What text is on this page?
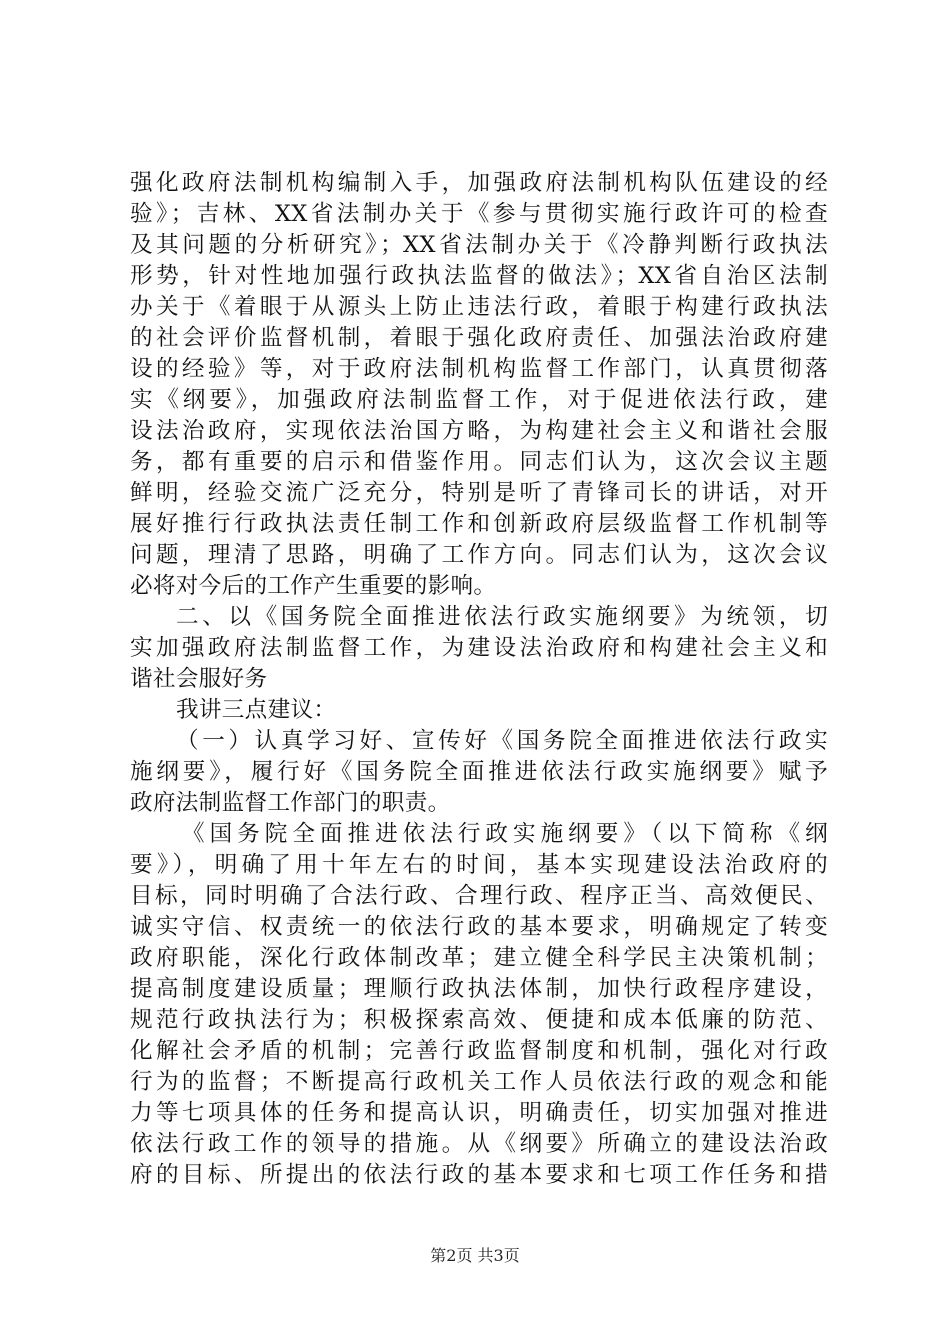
强化政府法制机构编制入手，加强政府法制机构队伍建设的经
验》；吉林、XX省法制办关于《参与贯彻实施行政许可的检查
及其问题的分析研究》；XX省法制办关于《冷静判断行政执法
形势，针对性地加强行政执法监督的做法》；XX省自治区法制
办关于《着眼于从源头上防止违法行政，着眼于构建行政执法
的社会评价监督机制，着眼于强化政府责任、加强法治政府建
设的经验》等，对于政府法制机构监督工作部门，认真贯彻落
实《纲要》，加强政府法制监督工作，对于促进依法行政，建
设法治政府，实现依法治国方略，为构建社会主义和谐社会服
务，都有重要的启示和借鉴作用。同志们认为，这次会议主题
鲜明，经验交流广泛充分，特别是听了青锋司长的讲话，对开
展好推行行政执法责任制工作和创新政府层级监督工作机制等
问题，理清了思路，明确了工作方向。同志们认为，这次会议
必将对今后的工作产生重要的影响。
二、以《国务院全面推进依法行政实施纲要》为统领，切
实加强政府法制监督工作，为建设法治政府和构建社会主义和
谐社会服好务
我讲三点建议：
（一）认真学习好、宣传好《国务院全面推进依法行政实
施纲要》，履行好《国务院全面推进依法行政实施纲要》赋予
政府法制监督工作部门的职责。
《国务院全面推进依法行政实施纲要》（以下简称《纲
要》），明确了用十年左右的时间，基本实现建设法治政府的
目标，同时明确了合法行政、合理行政、程序正当、高效便民、
诚实守信、权责统一的依法行政的基本要求，明确规定了转变
政府职能，深化行政体制改革；建立健全科学民主决策机制；
提高制度建设质量；理顺行政执法体制，加快行政程序建设，
规范行政执法行为；积极探索高效、便捷和成本低廉的防范、
化解社会矛盾的机制；完善行政监督制度和机制，强化对行政
行为的监督；不断提高行政机关工作人员依法行政的观念和能
力等七项具体的任务和提高认识，明确责任，切实加强对推进
依法行政工作的领导的措施。从《纲要》所确立的建设法治政
府的目标、所提出的依法行政的基本要求和七项工作任务和措
第2页 共3页
